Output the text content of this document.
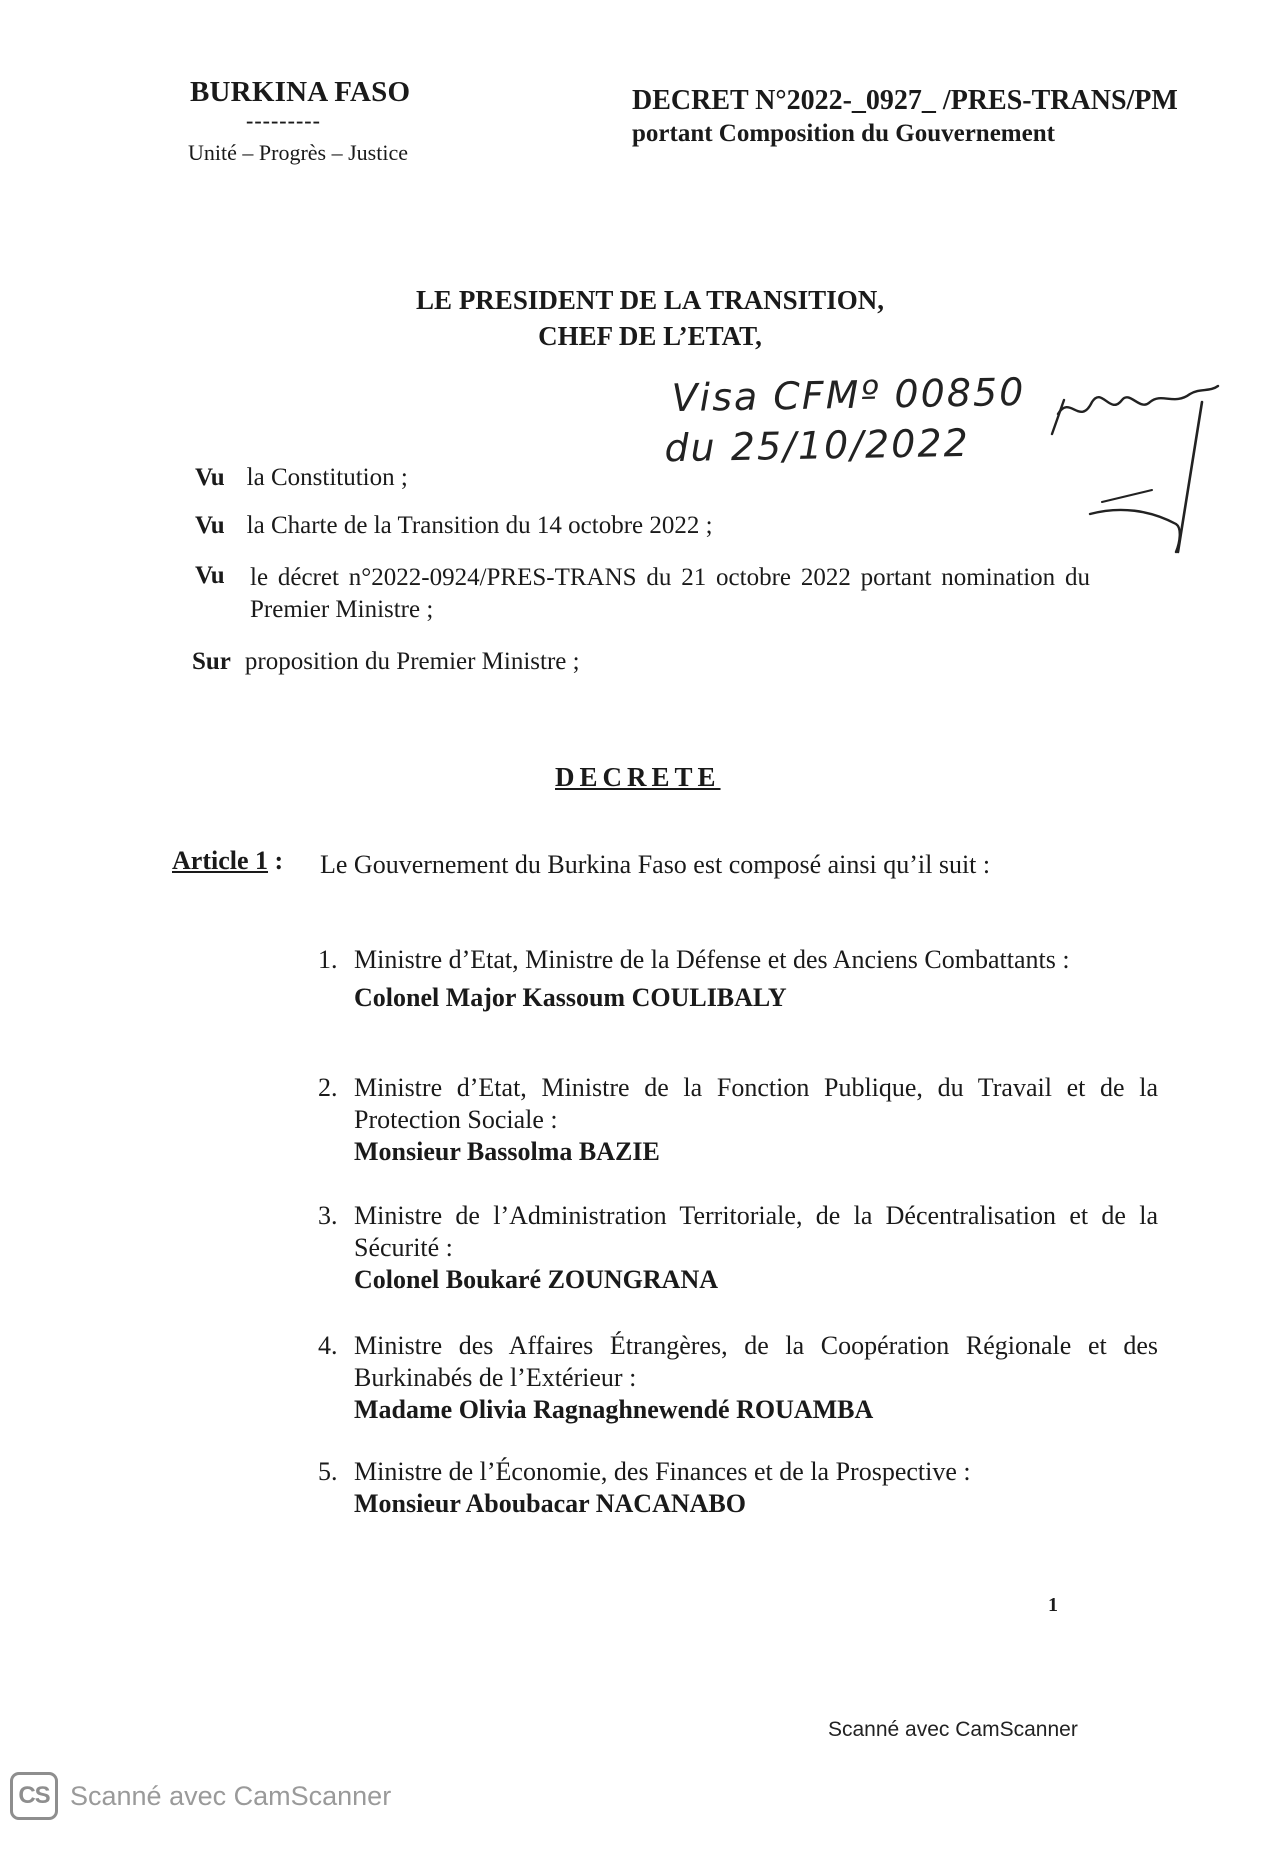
BURKINA FASO
---------
Unité – Progrès – Justice
DECRET N°2022-_0927_ /PRES-TRANS/PM
portant Composition du Gouvernement
LE PRESIDENT DE LA TRANSITION,
CHEF DE L’ETAT,
Visa CFMº 00850
du 25/10/2022
Vu la Constitution ;
Vu la Charte de la Transition du 14 octobre 2022 ;
Vu le décret n°2022-0924/PRES-TRANS du 21 octobre 2022 portant nomination du Premier Ministre ;
Sur proposition du Premier Ministre ;
DECRETE
Article 1 : Le Gouvernement du Burkina Faso est composé ainsi qu’il suit :
1. Ministre d’Etat, Ministre de la Défense et des Anciens Combattants :
Colonel Major Kassoum COULIBALY
2. Ministre d’Etat, Ministre de la Fonction Publique, du Travail et de la Protection Sociale :
Monsieur Bassolma BAZIE
3. Ministre de l’Administration Territoriale, de la Décentralisation et de la Sécurité :
Colonel Boukaré ZOUNGRANA
4. Ministre des Affaires Étrangères, de la Coopération Régionale et des Burkinabés de l’Extérieur :
Madame Olivia Ragnaghnewendé ROUAMBA
5. Ministre de l’Économie, des Finances et de la Prospective :
Monsieur Aboubacar NACANABO
1
Scanné avec CamScanner
CS Scanné avec CamScanner
